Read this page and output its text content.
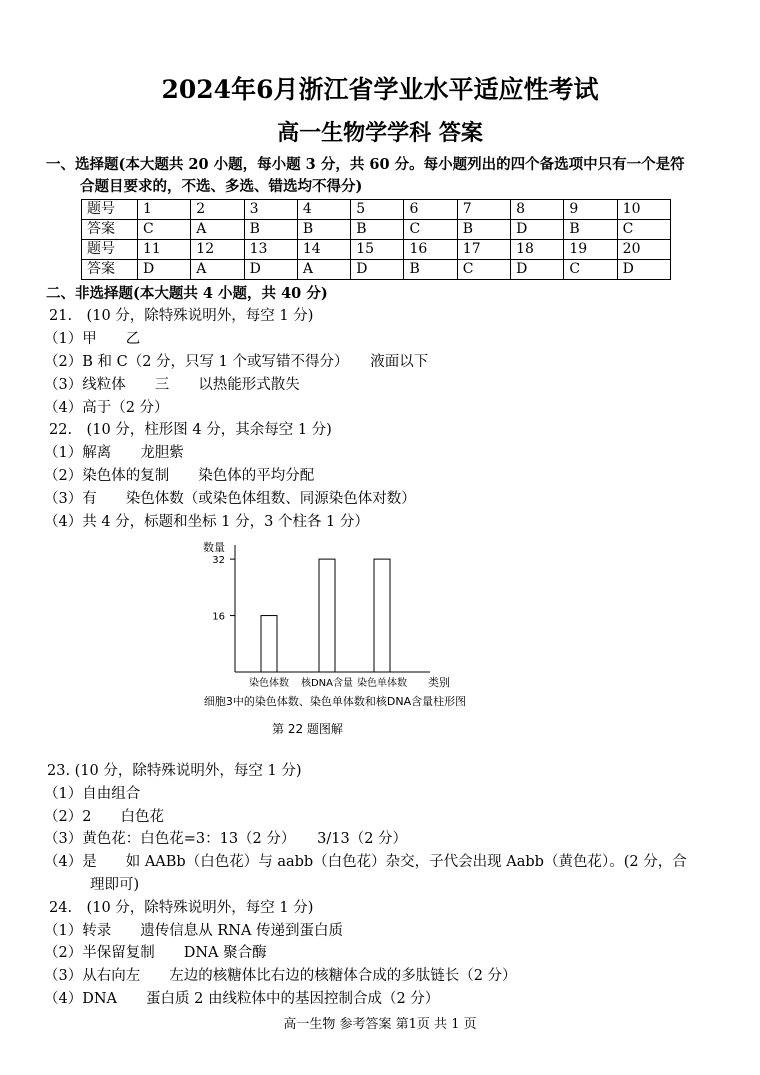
2024年6月浙江省学业水平适应性考试
高一生物学学科 答案
一、选择题(本大题共 20 小题，每小题 3 分，共 60 分。每小题列出的四个备选项中只有一个是符
合题目要求的，不选、多选、错选均不得分)
题号	1	2	3	4	5	6	7	8	9	10
答案	C	A	B	B	B	C	B	D	B	C
题号	11	12	13	14	15	16	17	18	19	20
答案	D	A	D	A	D	B	C	D	C	D
二、非选择题(本大题共 4 小题，共 40 分)
21.　(10 分，除特殊说明外，每空 1 分)
（1）甲　　乙
（2）B 和 C（2 分，只写 1 个或写错不得分）　　液面以下
（3）线粒体　　三　　以热能形式散失
（4）高于（2 分）
22.　(10 分，柱形图 4 分，其余每空 1 分)
（1）解离　　龙胆紫
（2）染色体的复制　　染色体的平均分配
（3）有　　染色体数（或染色体组数、同源染色体对数）
（4）共 4 分，标题和坐标 1 分，3 个柱各 1 分）
数量
类别
16
32
染色体数 核DNA含量 染色单体数
细胞3中的染色体数、染色单体数和核DNA含量柱形图
第 22 题图解
23. (10 分，除特殊说明外，每空 1 分)
（1）自由组合
（2）2　　白色花
（3）黄色花：白色花=3：13（2 分）　　3/13（2 分）
（4）是　　如 AABb（白色花）与 aabb（白色花）杂交，子代会出现 Aabb（黄色花）。(2 分，合
理即可)
24.　(10 分，除特殊说明外，每空 1 分)
（1）转录　　遗传信息从 RNA 传递到蛋白质
（2）半保留复制　　DNA 聚合酶
（3）从右向左　　左边的核糖体比右边的核糖体合成的多肽链长（2 分）
（4）DNA　　蛋白质 2 由线粒体中的基因控制合成（2 分）
高一生物 参考答案 第1页 共 1 页
